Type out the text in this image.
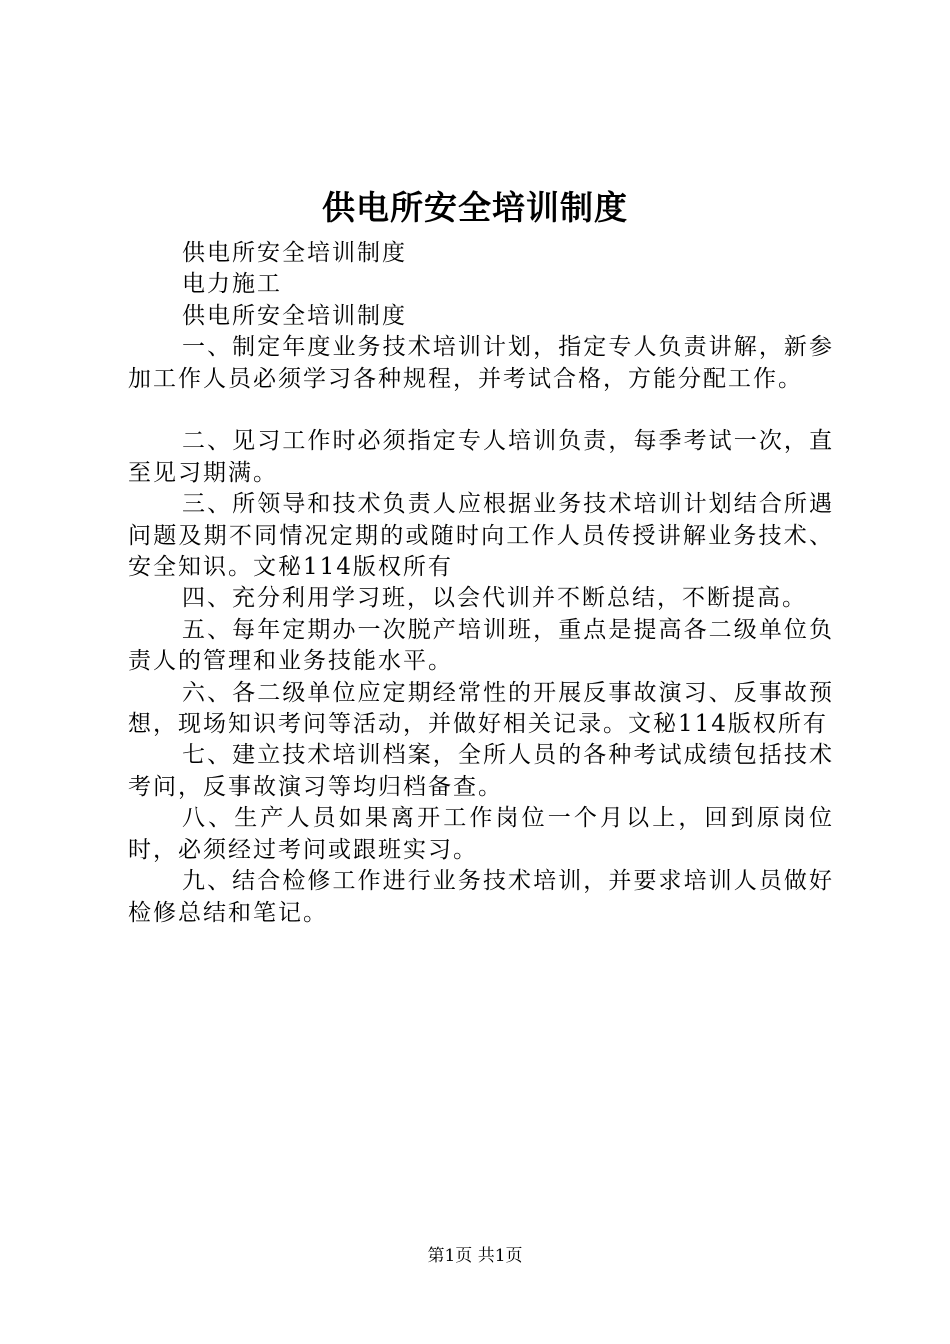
供电所安全培训制度

供电所安全培训制度

电力施工

供电所安全培训制度

一、制定年度业务技术培训计划，指定专人负责讲解，新参加工作人员必须学习各种规程，并考试合格，方能分配工作。

二、见习工作时必须指定专人培训负责，每季考试一次，直至见习期满。

三、所领导和技术负责人应根据业务技术培训计划结合所遇问题及期不同情况定期的或随时向工作人员传授讲解业务技术、安全知识。文秘114版权所有

四、充分利用学习班，以会代训并不断总结，不断提高。

五、每年定期办一次脱产培训班，重点是提高各二级单位负责人的管理和业务技能水平。

六、各二级单位应定期经常性的开展反事故演习、反事故预想，现场知识考问等活动，并做好相关记录。文秘114版权所有

七、建立技术培训档案，全所人员的各种考试成绩包括技术考问，反事故演习等均归档备查。

八、生产人员如果离开工作岗位一个月以上，回到原岗位时，必须经过考问或跟班实习。

九、结合检修工作进行业务技术培训，并要求培训人员做好检修总结和笔记。

第1页 共1页
